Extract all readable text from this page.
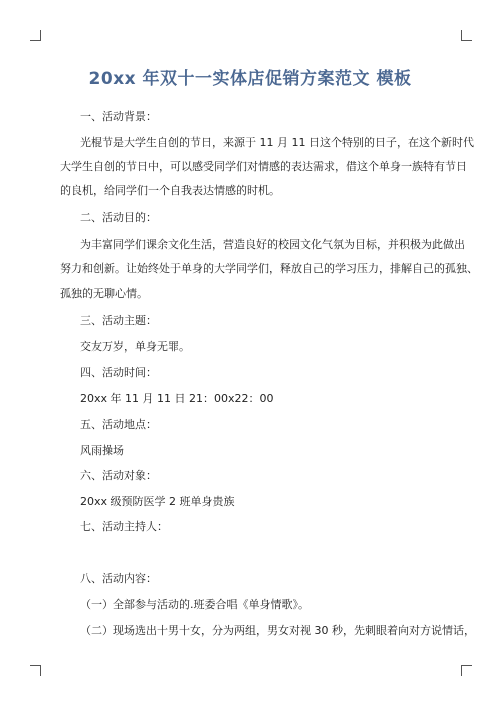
20xx 年双十一实体店促销方案范文 模板
一、活动背景：
光棍节是大学生自创的节日，来源于 11 月 11 日这个特别的日子，在这个新时代
大学生自创的节日中，可以感受同学们对情感的表达需求，借这个单身一族特有节日
的良机，给同学们一个自我表达情感的时机。
二、活动目的：
为丰富同学们课余文化生活，营造良好的校园文化气氛为目标，并积极为此做出
努力和创新。让始终处于单身的大学同学们，释放自己的学习压力，排解自己的孤独、
孤独的无聊心情。
三、活动主题：
交友万岁，单身无罪。
四、活动时间：
20xx 年 11 月 11 日 21：00x22：00
五、活动地点：
风雨操场
六、活动对象：
20xx 级预防医学 2 班单身贵族
七、活动主持人：
八、活动内容：
（一）全部参与活动的.班委合唱《单身情歌》。
（二）现场选出十男十女，分为两组，男女对视 30 秒，先刺眼着向对方说情话，
